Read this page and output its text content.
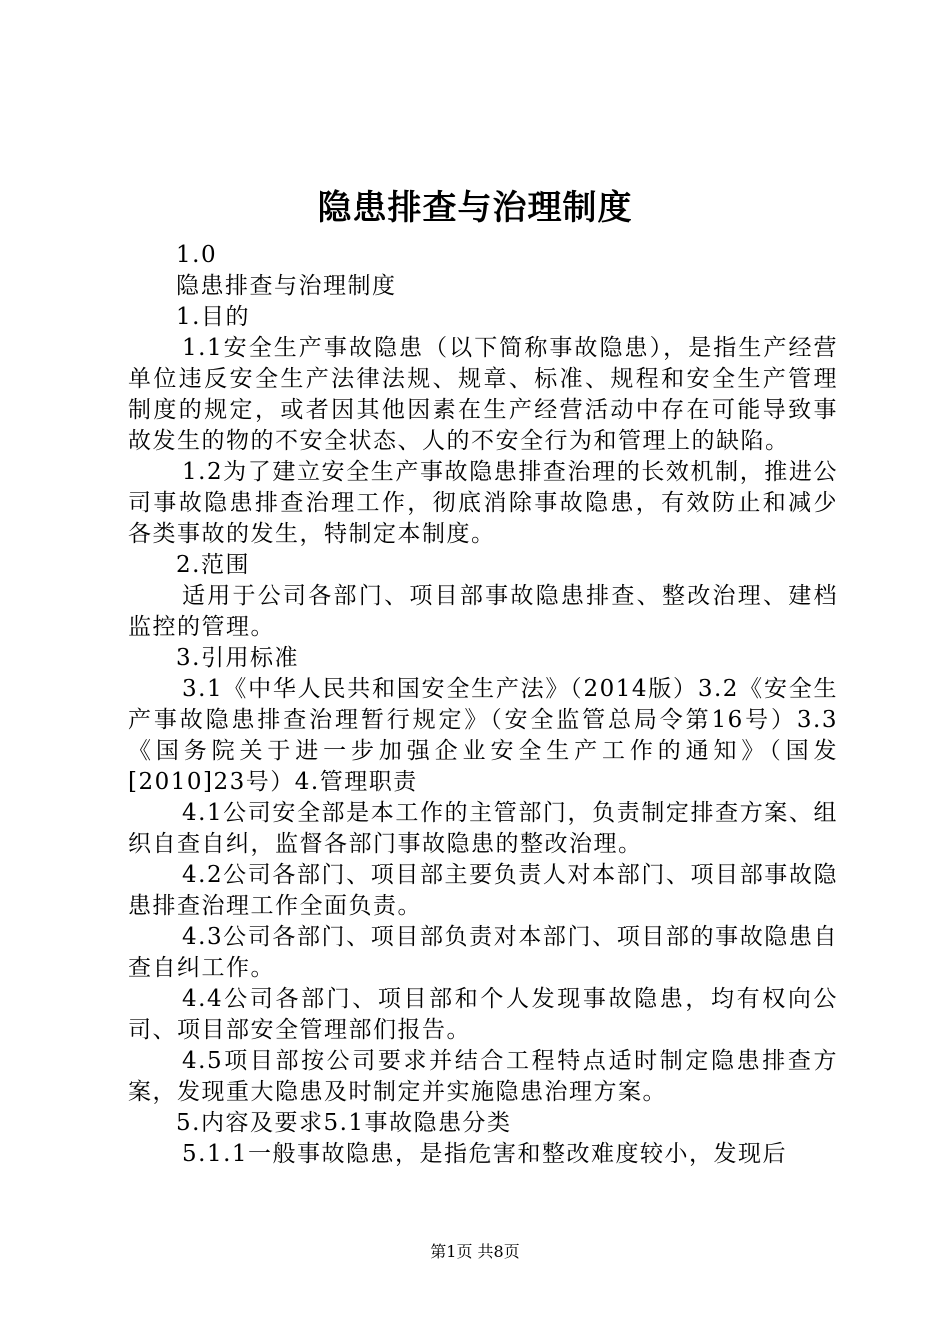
隐患排查与治理制度

1.0

隐患排查与治理制度

1.目的

1.1安全生产事故隐患（以下简称事故隐患），是指生产经营单位违反安全生产法律法规、规章、标准、规程和安全生产管理制度的规定，或者因其他因素在生产经营活动中存在可能导致事故发生的物的不安全状态、人的不安全行为和管理上的缺陷。

1.2为了建立安全生产事故隐患排查治理的长效机制，推进公司事故隐患排查治理工作，彻底消除事故隐患，有效防止和减少各类事故的发生，特制定本制度。

2.范围

适用于公司各部门、项目部事故隐患排查、整改治理、建档监控的管理。

3.引用标准

3.1《中华人民共和国安全生产法》（2014版）3.2《安全生产事故隐患排查治理暂行规定》（安全监管总局令第16号）3.3《国务院关于进一步加强企业安全生产工作的通知》（国发[2010]23号）4.管理职责

4.1公司安全部是本工作的主管部门，负责制定排查方案、组织自查自纠，监督各部门事故隐患的整改治理。

4.2公司各部门、项目部主要负责人对本部门、项目部事故隐患排查治理工作全面负责。

4.3公司各部门、项目部负责对本部门、项目部的事故隐患自查自纠工作。

4.4公司各部门、项目部和个人发现事故隐患，均有权向公司、项目部安全管理部们报告。

4.5项目部按公司要求并结合工程特点适时制定隐患排查方案，发现重大隐患及时制定并实施隐患治理方案。

5.内容及要求5.1事故隐患分类

5.1.1一般事故隐患，是指危害和整改难度较小，发现后

第1页 共8页
